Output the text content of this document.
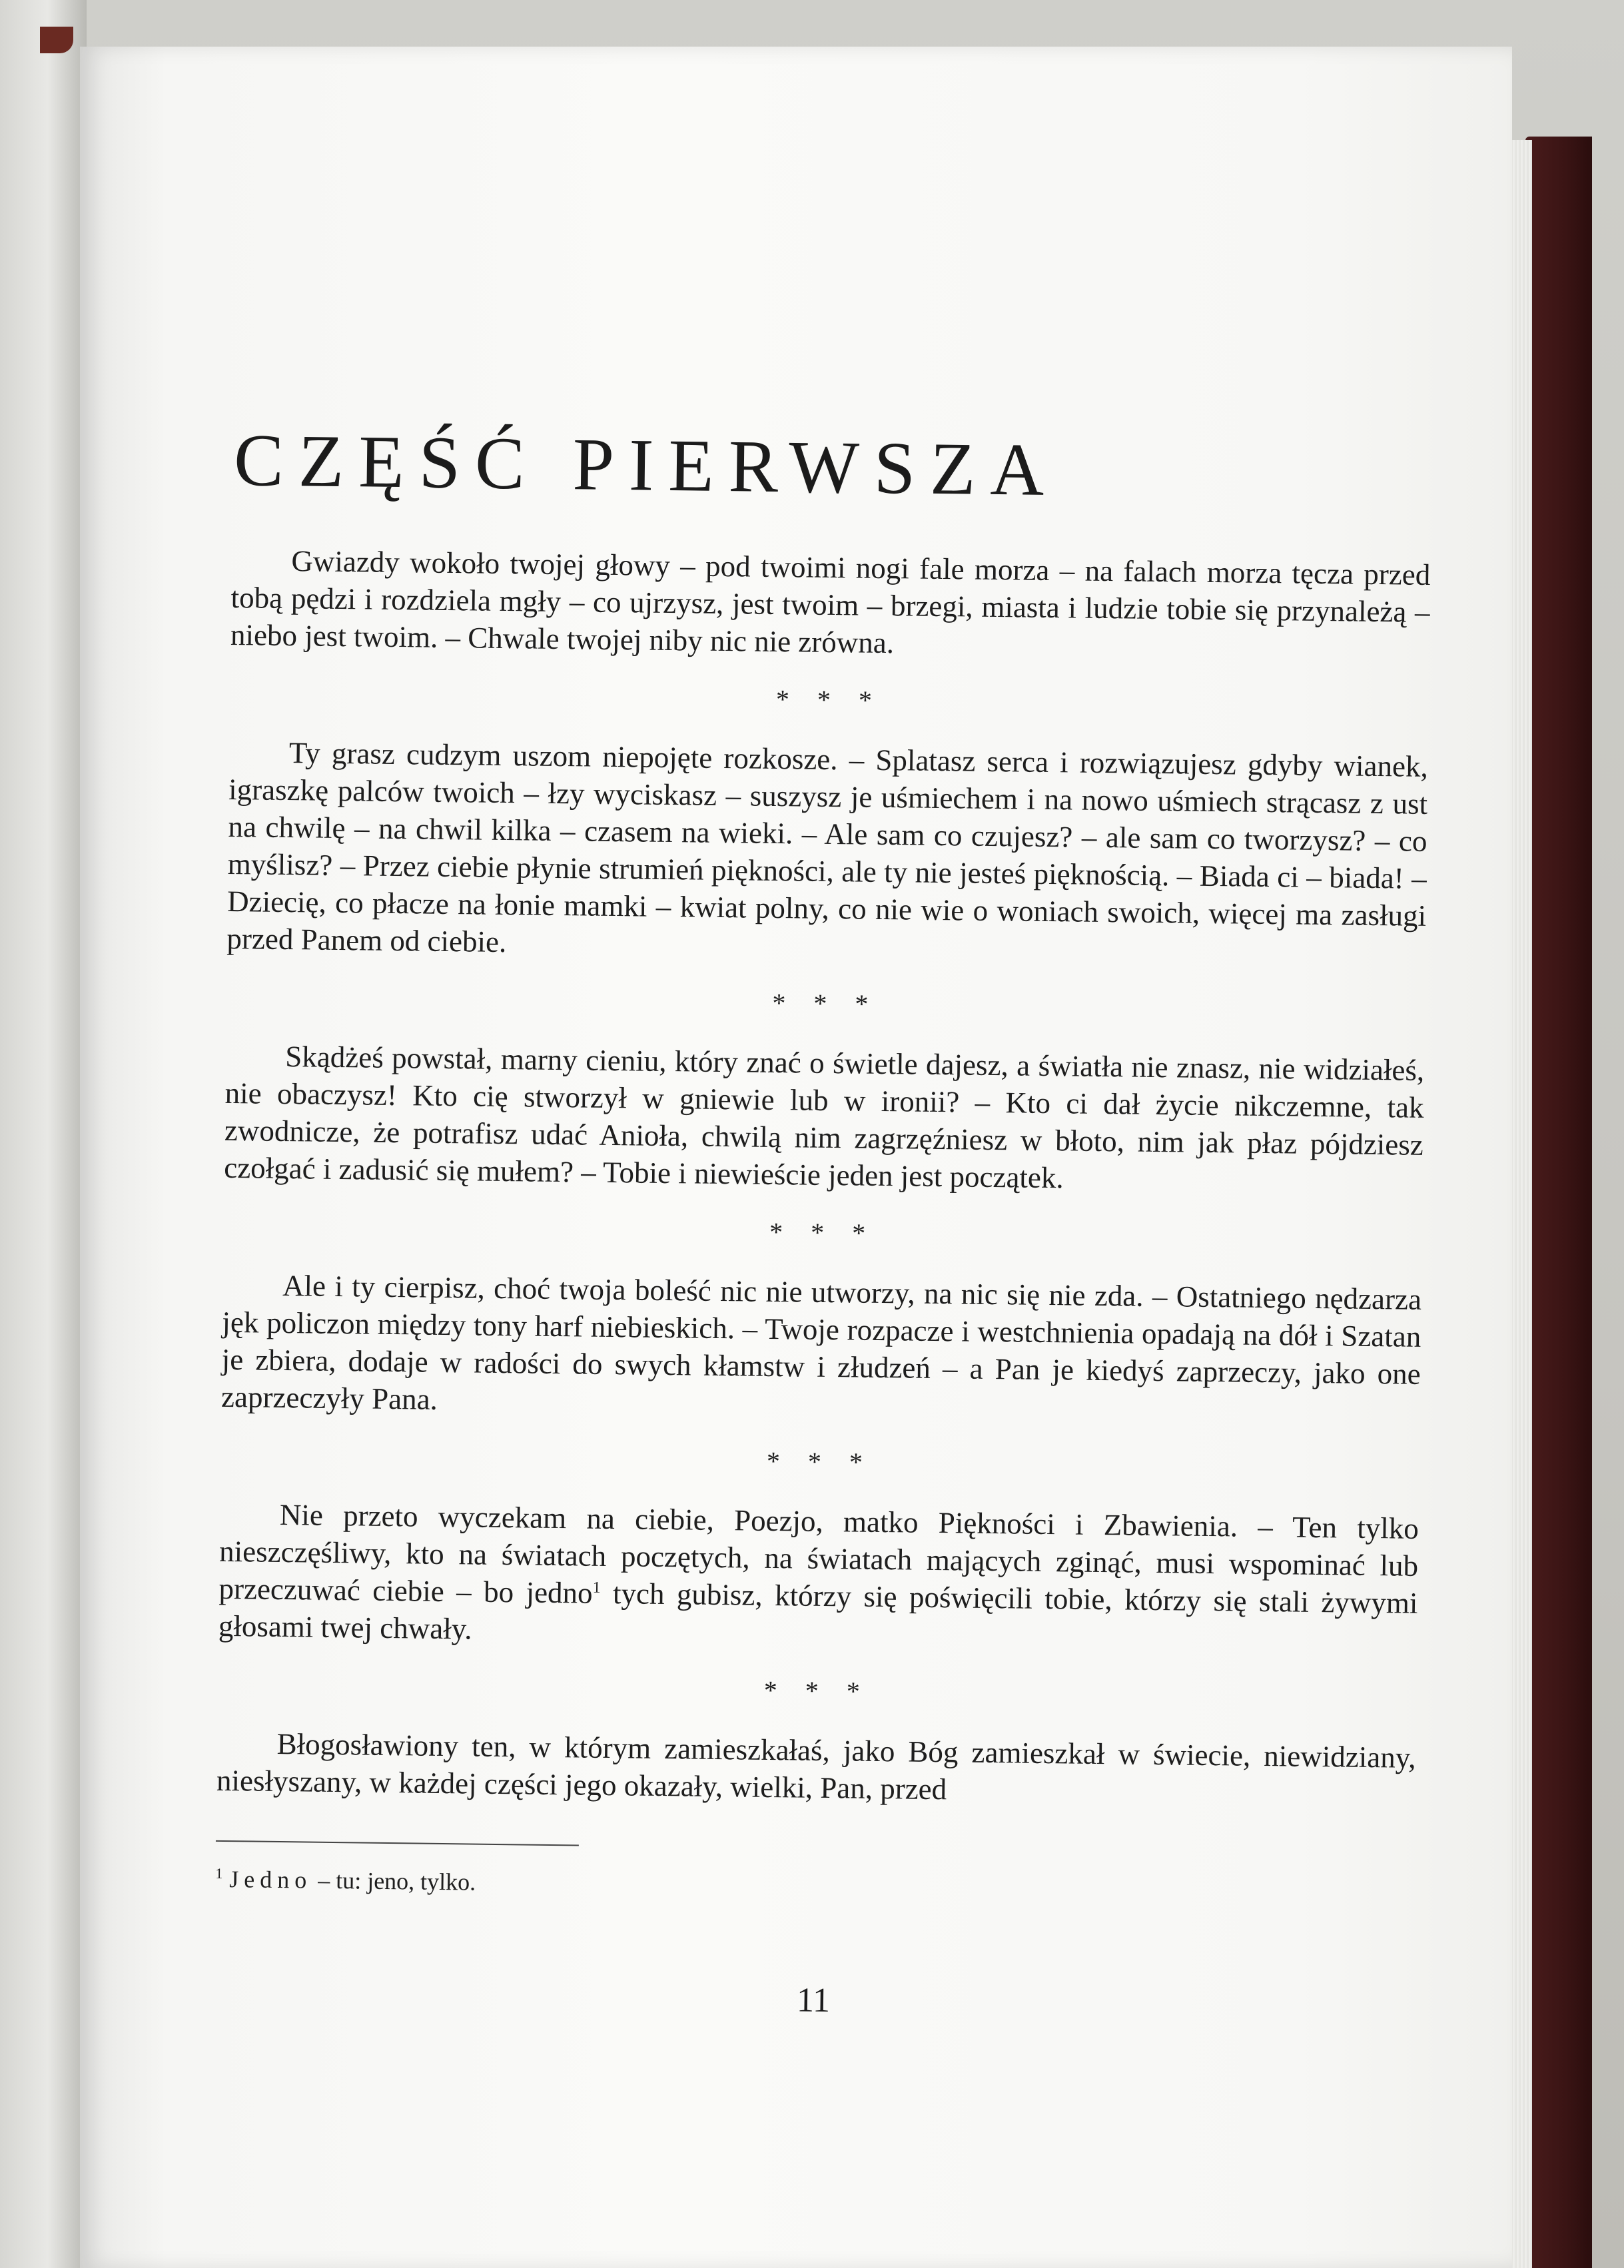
CZĘŚĆ PIERWSZA

Gwiazdy wokoło twojej głowy – pod twoimi nogi fale morza – na falach morza tęcza przed tobą pędzi i rozdziela mgły – co ujrzysz, jest twoim – brzegi, miasta i ludzie tobie się przynależą – niebo jest twoim. – Chwale twojej niby nic nie zrówna.

* * *

Ty grasz cudzym uszom niepojęte rozkosze. – Splatasz serca i rozwiązujesz gdyby wianek, igraszkę palców twoich – łzy wyciskasz – suszysz je uśmiechem i na nowo uśmiech strącasz z ust na chwilę – na chwil kilka – czasem na wieki. – Ale sam co czujesz? – ale sam co tworzysz? – co myślisz? – Przez ciebie płynie strumień piękności, ale ty nie jesteś pięknością. – Biada ci – biada! – Dziecię, co płacze na łonie mamki – kwiat polny, co nie wie o woniach swoich, więcej ma zasługi przed Panem od ciebie.

* * *

Skądżeś powstał, marny cieniu, który znać o świetle dajesz, a światła nie znasz, nie widziałeś, nie obaczysz! Kto cię stworzył w gniewie lub w ironii? – Kto ci dał życie nikczemne, tak zwodnicze, że potrafisz udać Anioła, chwilą nim zagrzęźniesz w błoto, nim jak płaz pójdziesz czołgać i zadusić się mułem? – Tobie i niewieście jeden jest początek.

* * *

Ale i ty cierpisz, choć twoja boleść nic nie utworzy, na nic się nie zda. – Ostatniego nędzarza jęk policzon między tony harf niebieskich. – Twoje rozpacze i westchnienia opadają na dół i Szatan je zbiera, dodaje w radości do swych kłamstw i złudzeń – a Pan je kiedyś zaprzeczy, jako one zaprzeczyły Pana.

* * *

Nie przeto wyczekam na ciebie, Poezjo, matko Piękności i Zbawienia. – Ten tylko nieszczęśliwy, kto na światach poczętych, na światach mających zginąć, musi wspominać lub przeczuwać ciebie – bo jedno$^1$ tych gubisz, którzy się poświęcili tobie, którzy się stali żywymi głosami twej chwały.

* * *

Błogosławiony ten, w którym zamieszkałaś, jako Bóg zamieszkał w świecie, niewidziany, niesłyszany, w każdej części jego okazały, wielki, Pan, przed

$^1$ Jedno – tu: jeno, tylko.

11
